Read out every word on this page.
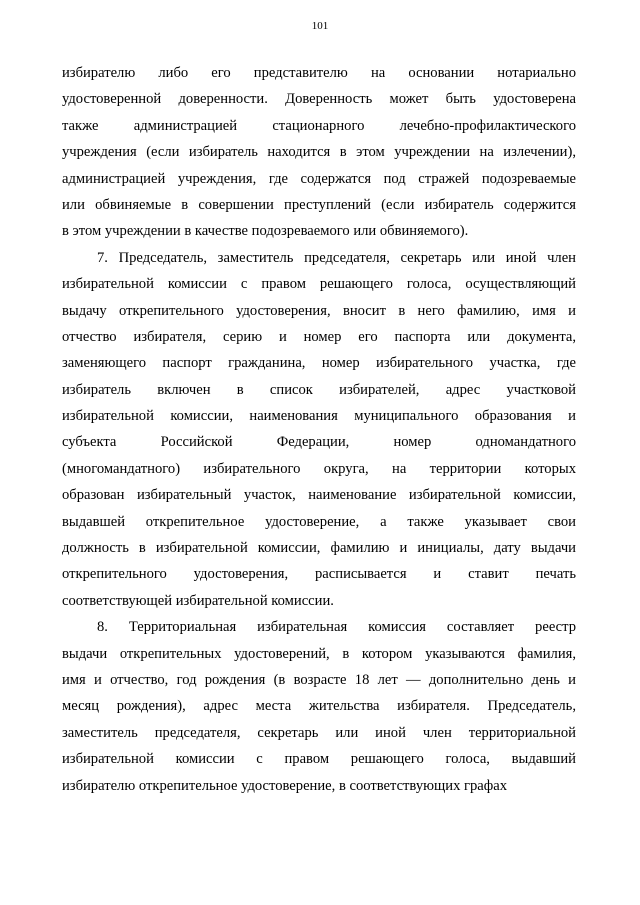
101
избирателю либо его представителю на основании нотариально
удостоверенной доверенности. Доверенность может быть удостоверена
также администрацией стационарного лечебно-профилактического
учреждения (если избиратель находится в этом учреждении на излечении),
администрацией учреждения, где содержатся под стражей подозреваемые
или обвиняемые в совершении преступлений (если избиратель содержится
в этом учреждении в качестве подозреваемого или обвиняемого).
7. Председатель, заместитель председателя, секретарь или иной член
избирательной комиссии с правом решающего голоса, осуществляющий
выдачу открепительного удостоверения, вносит в него фамилию, имя и
отчество избирателя, серию и номер его паспорта или документа,
заменяющего паспорт гражданина, номер избирательного участка, где
избиратель включен в список избирателей, адрес участковой
избирательной комиссии, наименования муниципального образования и
субъекта Российской Федерации, номер одномандатного
(многомандатного) избирательного округа, на территории которых
образован избирательный участок, наименование избирательной комиссии,
выдавшей открепительное удостоверение, а также указывает свои
должность в избирательной комиссии, фамилию и инициалы, дату выдачи
открепительного удостоверения, расписывается и ставит печать
соответствующей избирательной комиссии.
8. Территориальная избирательная комиссия составляет реестр
выдачи открепительных удостоверений, в котором указываются фамилия,
имя и отчество, год рождения (в возрасте 18 лет — дополнительно день и
месяц рождения), адрес места жительства избирателя. Председатель,
заместитель председателя, секретарь или иной член территориальной
избирательной комиссии с правом решающего голоса, выдавший
избирателю открепительное удостоверение, в соответствующих графах
